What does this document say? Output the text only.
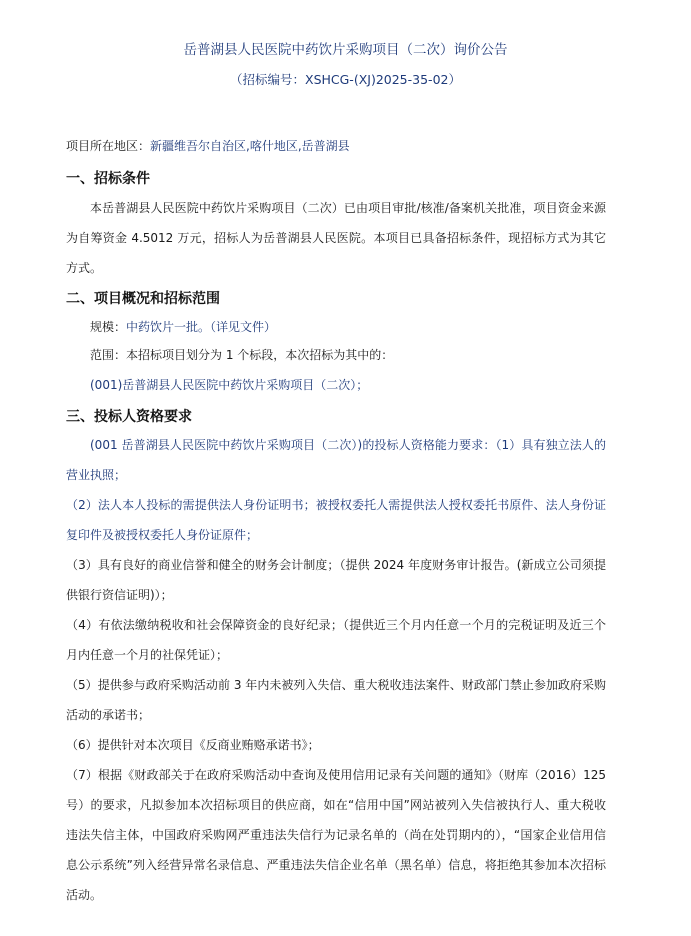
岳普湖县人民医院中药饮片采购项目（二次）询价公告
（招标编号：XSHCG-(XJ)2025-35-02）
项目所在地区：新疆维吾尔自治区,喀什地区,岳普湖县
一、招标条件
本岳普湖县人民医院中药饮片采购项目（二次）已由项目审批/核准/备案机关批准，项目资金来源为自筹资金 4.5012 万元，招标人为岳普湖县人民医院。本项目已具备招标条件，现招标方式为其它方式。
二、项目概况和招标范围
规模：中药饮片一批。（详见文件）
范围：本招标项目划分为 1 个标段，本次招标为其中的：
(001)岳普湖县人民医院中药饮片采购项目（二次）；
三、投标人资格要求
(001 岳普湖县人民医院中药饮片采购项目（二次）)的投标人资格能力要求：（1）具有独立法人的营业执照；
（2）法人本人投标的需提供法人身份证明书；被授权委托人需提供法人授权委托书原件、法人身份证复印件及被授权委托人身份证原件；
（3）具有良好的商业信誉和健全的财务会计制度；（提供 2024 年度财务审计报告。(新成立公司须提供银行资信证明)）；
（4）有依法缴纳税收和社会保障资金的良好纪录；（提供近三个月内任意一个月的完税证明及近三个月内任意一个月的社保凭证）；
（5）提供参与政府采购活动前 3 年内未被列入失信、重大税收违法案件、财政部门禁止参加政府采购活动的承诺书；
（6）提供针对本次项目《反商业贿赂承诺书》；
（7）根据《财政部关于在政府采购活动中查询及使用信用记录有关问题的通知》（财库（2016）125 号）的要求，凡拟参加本次招标项目的供应商，如在“信用中国”网站被列入失信被执行人、重大税收违法失信主体，中国政府采购网严重违法失信行为记录名单的（尚在处罚期内的），“国家企业信用信息公示系统”列入经营异常名录信息、严重违法失信企业名单（黑名单）信息，将拒绝其参加本次招标活动。
